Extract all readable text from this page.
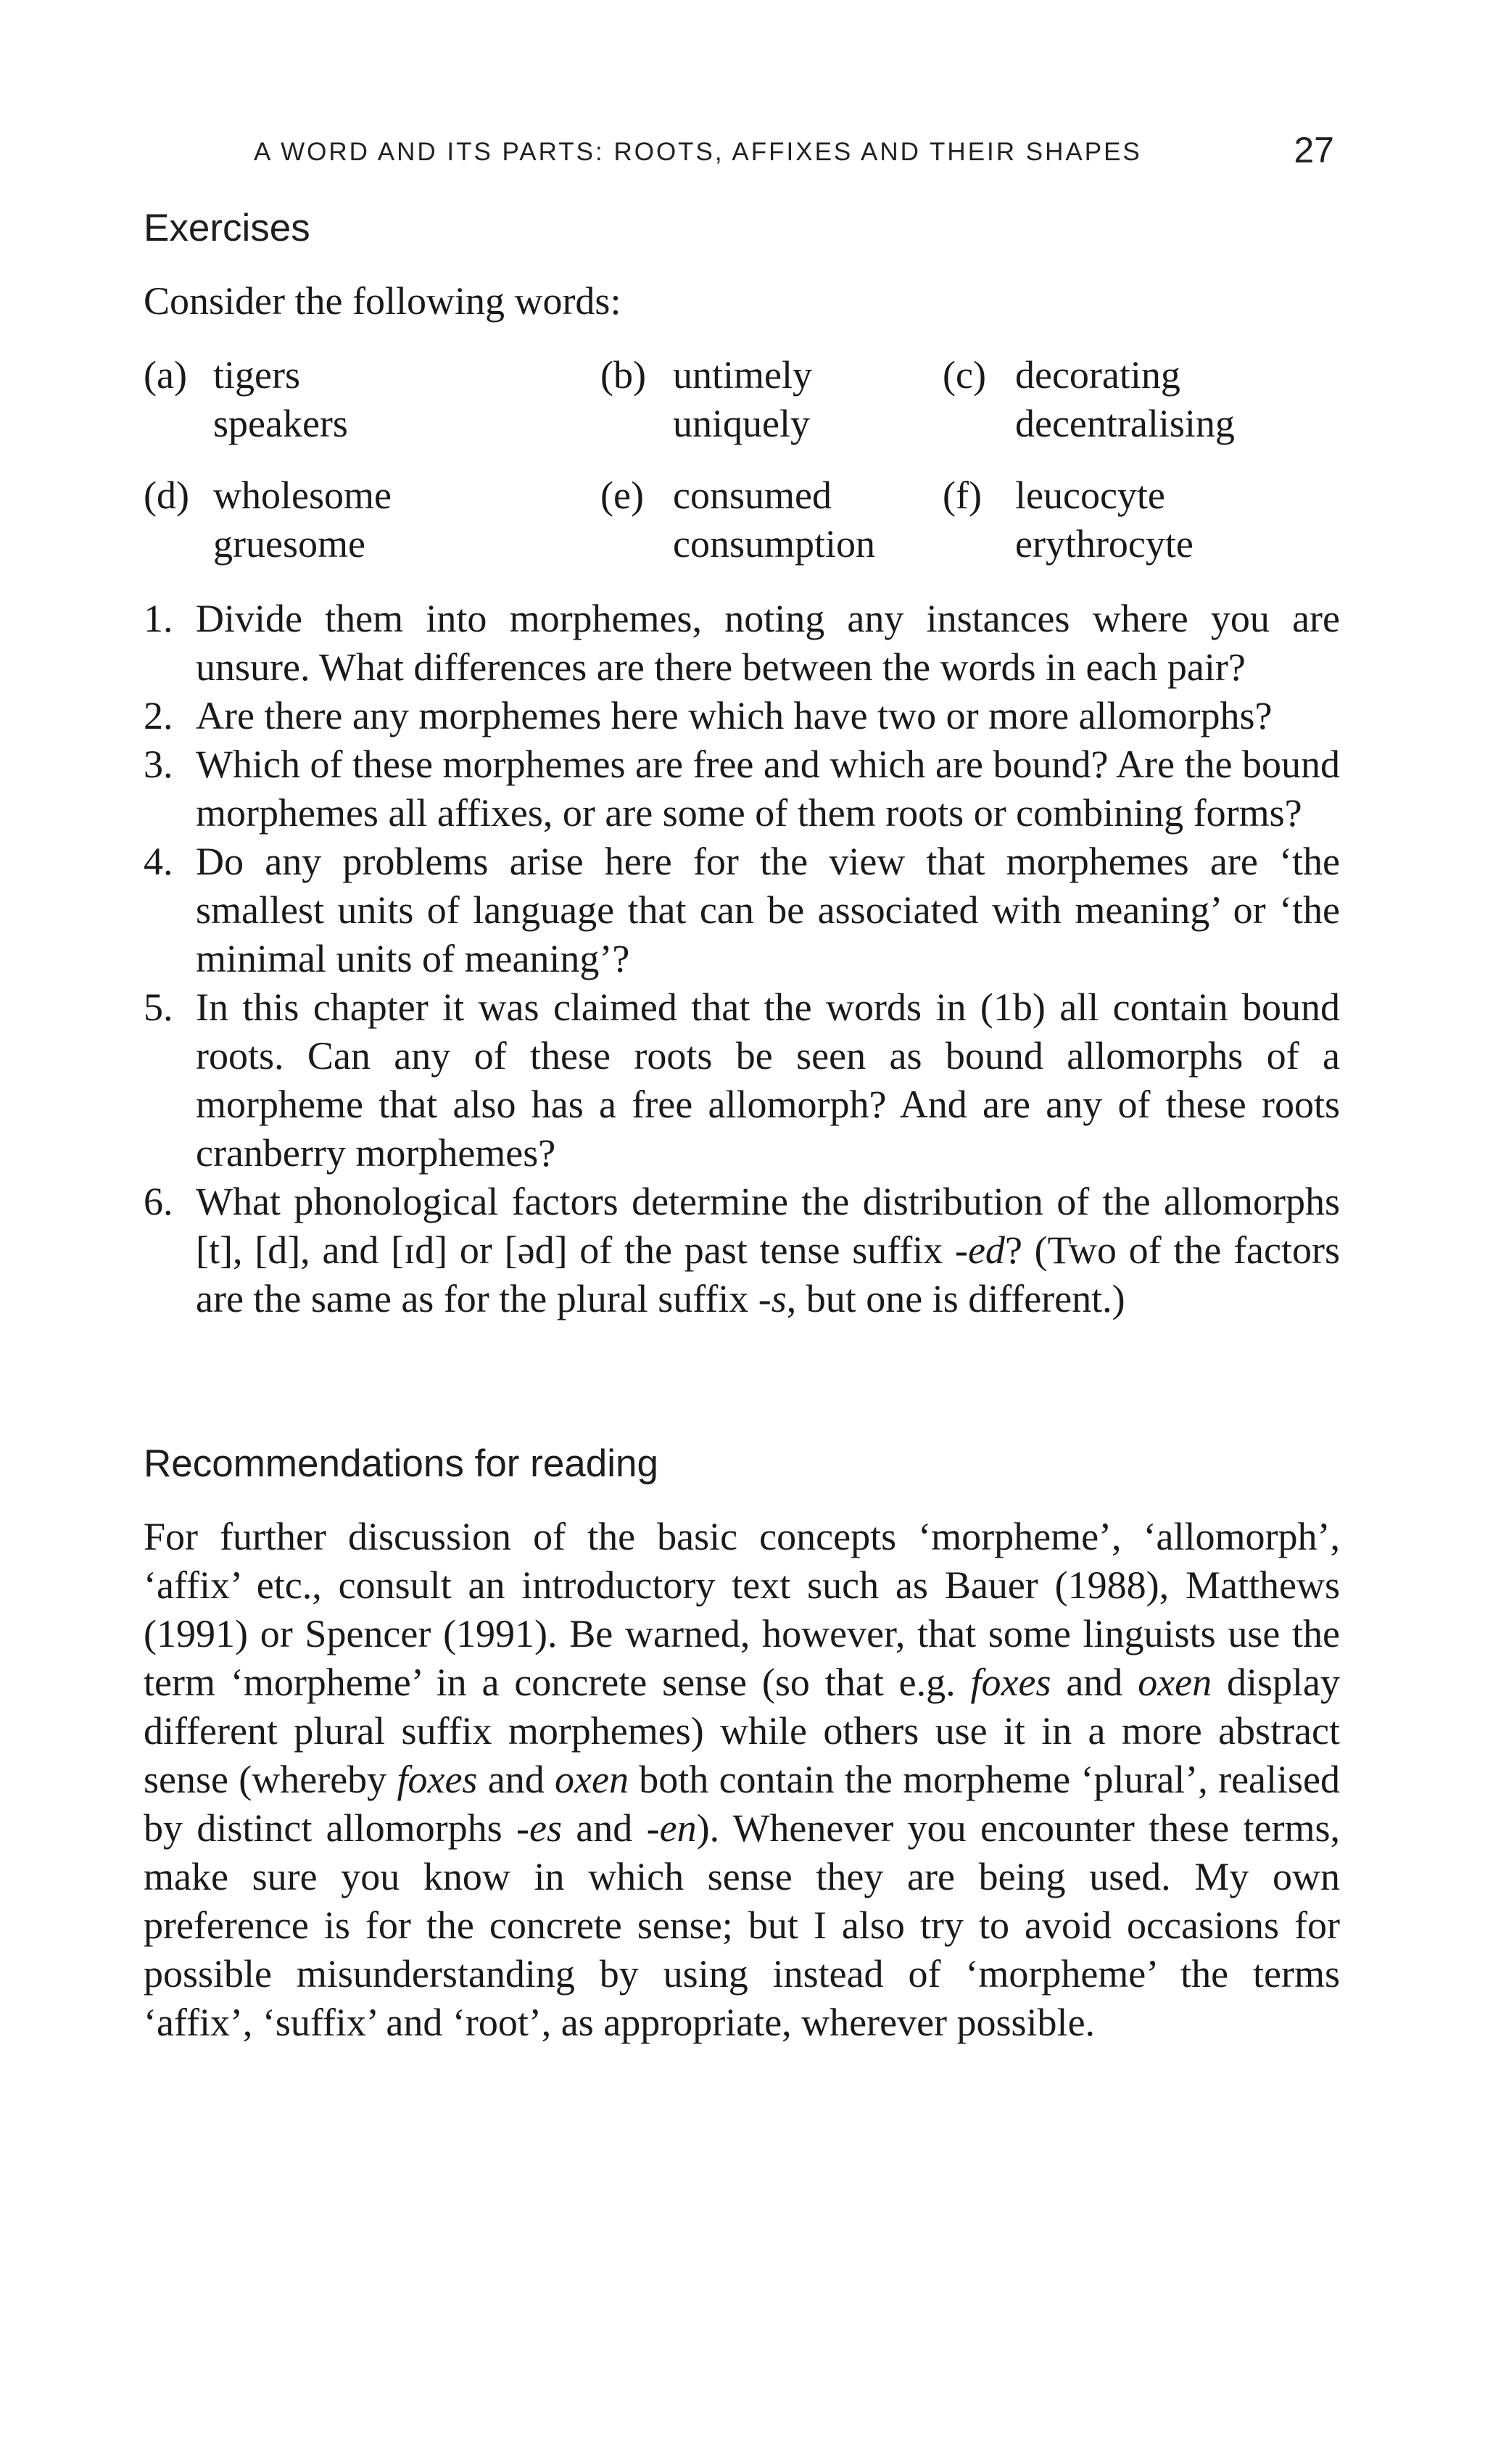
A WORD AND ITS PARTS: ROOTS, AFFIXES AND THEIR SHAPES	27
Exercises
Consider the following words:
(a) tigers
speakers
(b) untimely
uniquely
(c) decorating
decentralising
(d) wholesome
gruesome
(e) consumed
consumption
(f) leucocyte
erythrocyte
1. Divide them into morphemes, noting any instances where you are unsure. What differences are there between the words in each pair?
2. Are there any morphemes here which have two or more allomorphs?
3. Which of these morphemes are free and which are bound? Are the bound morphemes all affixes, or are some of them roots or combining forms?
4. Do any problems arise here for the view that morphemes are ‘the smallest units of language that can be associated with meaning’ or ‘the minimal units of meaning’?
5. In this chapter it was claimed that the words in (1b) all contain bound roots. Can any of these roots be seen as bound allomorphs of a morpheme that also has a free allomorph? And are any of these roots cranberry morphemes?
6. What phonological factors determine the distribution of the allomorphs [t], [d], and [ɪd] or [əd] of the past tense suffix -ed? (Two of the factors are the same as for the plural suffix -s, but one is different.)
Recommendations for reading

For further discussion of the basic concepts ‘morpheme’, ‘allomorph’, ‘affix’ etc., consult an introductory text such as Bauer (1988), Matthews (1991) or Spencer (1991). Be warned, however, that some linguists use the term ‘morpheme’ in a concrete sense (so that e.g. foxes and oxen display different plural suffix morphemes) while others use it in a more abstract sense (whereby foxes and oxen both contain the morpheme ‘plural’, realised by distinct allomorphs -es and -en). Whenever you encounter these terms, make sure you know in which sense they are being used. My own preference is for the concrete sense; but I also try to avoid occasions for possible misunderstanding by using instead of ‘morpheme’ the terms ‘affix’, ‘suffix’ and ‘root’, as appropriate, wherever possible.
